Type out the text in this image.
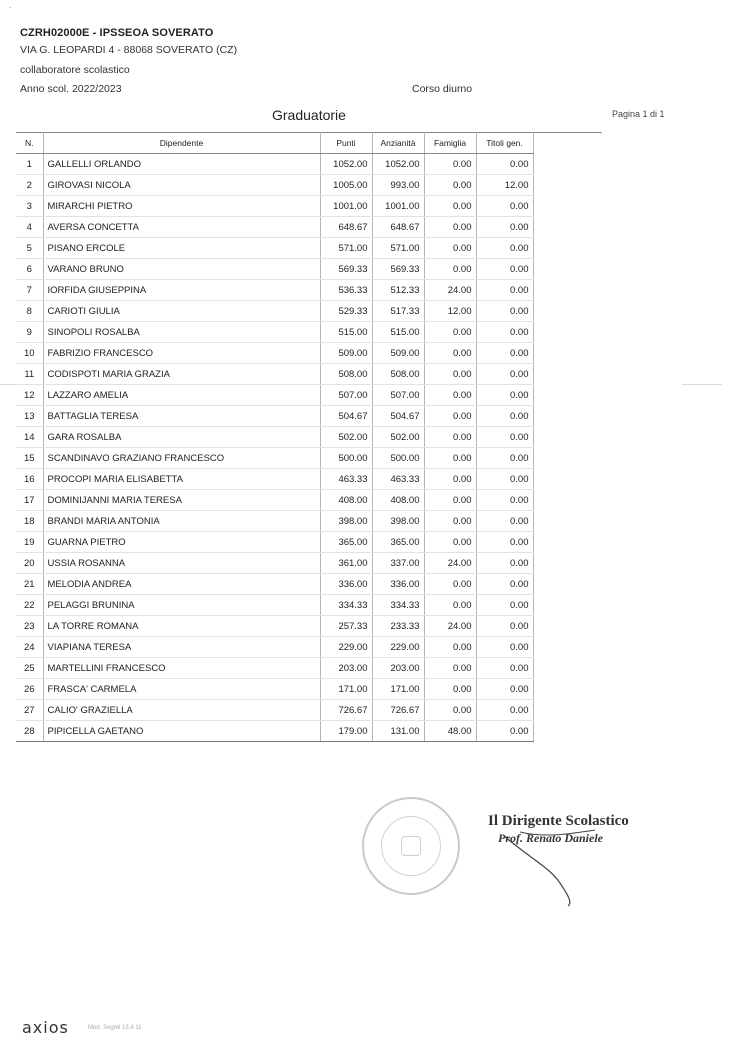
.
CZRH02000E - IPSSEOA SOVERATO
VIA G. LEOPARDI 4 - 88068 SOVERATO (CZ)
collaboratore scolastico
Anno scol. 2022/2023	Corso diurno
Graduatorie	Pagina 1 di 1
N.	Dipendente	Punti	Anzianità	Famiglia	Titoli gen.	
1	GALLELLI ORLANDO	1052.00	1052.00	0.00	0.00	
2	GIROVASI NICOLA	1005.00	993.00	0.00	12.00	
3	MIRARCHI PIETRO	1001.00	1001.00	0.00	0.00	
4	AVERSA CONCETTA	648.67	648.67	0.00	0.00	
5	PISANO ERCOLE	571.00	571.00	0.00	0.00	
6	VARANO BRUNO	569.33	569.33	0.00	0.00	
7	IORFIDA GIUSEPPINA	536.33	512.33	24.00	0.00	
8	CARIOTI GIULIA	529.33	517.33	12.00	0.00	
9	SINOPOLI ROSALBA	515.00	515.00	0.00	0.00	
10	FABRIZIO FRANCESCO	509.00	509.00	0.00	0.00	
11	CODISPOTI MARIA GRAZIA	508.00	508.00	0.00	0.00	
12	LAZZARO AMELIA	507.00	507.00	0.00	0.00	
13	BATTAGLIA TERESA	504.67	504.67	0.00	0.00	
14	GARA ROSALBA	502.00	502.00	0.00	0.00	
15	SCANDINAVO GRAZIANO FRANCESCO	500.00	500.00	0.00	0.00	
16	PROCOPI MARIA ELISABETTA	463.33	463.33	0.00	0.00	
17	DOMINIJANNI MARIA TERESA	408.00	408.00	0.00	0.00	
18	BRANDI MARIA ANTONIA	398.00	398.00	0.00	0.00	
19	GUARNA PIETRO	365.00	365.00	0.00	0.00	
20	USSIA ROSANNA	361.00	337.00	24.00	0.00	
21	MELODIA ANDREA	336.00	336.00	0.00	0.00	
22	PELAGGI BRUNINA	334.33	334.33	0.00	0.00	
23	LA TORRE ROMANA	257.33	233.33	24.00	0.00	
24	VIAPIANA TERESA	229.00	229.00	0.00	0.00	
25	MARTELLINI FRANCESCO	203.00	203.00	0.00	0.00	
26	FRASCA' CARMELA	171.00	171.00	0.00	0.00	
27	CALIO' GRAZIELLA	726.67	726.67	0.00	0.00	
28	PIPICELLA GAETANO	179.00	131.00	48.00	0.00	
Il Dirigente Scolastico
Prof. Renato Daniele
axios	Mod. Segrel 13.4.11
